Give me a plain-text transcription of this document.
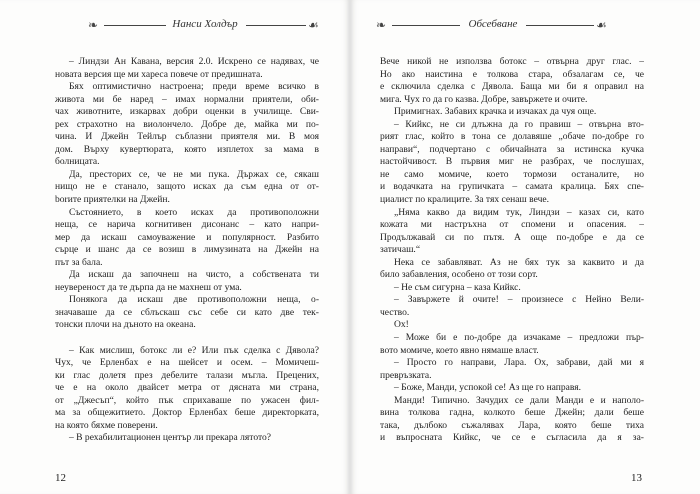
❧	Нанси Холдър	☙	❧	Обсебване	☙
– Линдзи Ан Кавана, версия 2.0. Искрено се надявах, че
новата версия ще ми хареса повече от предишната.
Бях оптимистично настроена; преди време всичко в
живота ми бе наред – имах нормални приятели, оби-
чах животните, изкарвах добри оценки в училище. Сви-
рех страхотно на виолончело. Добре де, майка ми по-
чина. И Джейн Тейлър съблазни приятеля ми. В моя
дом. Върху кувертюрата, която изплетох за мама в
болницата.
Да, престорих се, че не ми пука. Държах се, сякаш
нищо не е станало, защото исках да съм една от от-
borите приятелки на Джейн.
Състоянието, в което исках да противоположни
неща, се нарича когнитивен дисонанс – като напри-
мер да искаш самоуважение и популярност. Разбито
сърце и шанс да се возиш в лимузината на Джейн на
път за бала.
Да искаш да започнеш на чисто, а собствената ти
неувереност да те дърпа да не махнеш от ума.
Понякога да искаш две противоположни неща, о-
значаваше да се сблъскаш със себе си като две тек-
тонски плочи на дъното на океана.
– Как мислиш, ботокс ли е? Или пък сделка с Дявола?
Чух, че Ерленбах е на шейсет и осем. – Момичеш-
ки глас долетя през дебелите талази мъгла. Прецених,
че е на около двайсет метра от дясната ми страна,
от „Джесъп“, който пък сприхаваше по ужасен фил-
ма за общежитието. Доктор Ерленбах беше директорката,
на която бяхме поверени.
– В рехабилитационен център ли прекара лятото?
Вече никой не използва ботокс – отвърна друг глас. –
Но ако наистина е толкова стара, обзалагам се, че
е сключила сделка с Дявола. Баща ми би я оправил на
мига. Чух го да го казва. Добре, завържете и очите.
Примигнах. Забавих крачка и изчаках да чуя още.
– Кийкс, не си длъжна да го правиш – отвърна вто-
рият глас, който в тона се долавяше „обаче по-добре го
направи“, подчертано с обичайната за истинска кучка
настойчивост. В първия миг не разбрах, че послушах,
не само момиче, което тормози останалите, но
и водачката на групичката – самата кралица. Бях спе-
циалист по кралиците. За тях сенаш вече.
„Няма какво да видим тук, Линдзи – казах си, като
кожата ми настръхна от спомени и опасения. –
Продължавай си по пътя. А още по-добре е да се
затичаш.“
Нека се забавляват. Аз не бях тук за каквито и да
било забавления, особено от този сорт.
– Не съм сигурна – каза Кийкс.
– Завържете й очите! – произнесе с Нейно Вели-
чество.
Ох!
– Може би е по-добре да изчакаме – предложи пър-
вото момиче, което явно нямаше власт.
– Просто го направи, Лара. Ох, забрави, дай ми я
превръзката.
– Боже, Манди, успокой се! Аз ще го направя.
Манди! Типично. Зачудих се дали Манди е и наполо-
вина толкова гадна, колкото беше Джейн; дали беше
така, дълбоко съжалявах Лара, която беше тиха
и въпросната Кийкс, че се е съгласила да я за-
12	13
